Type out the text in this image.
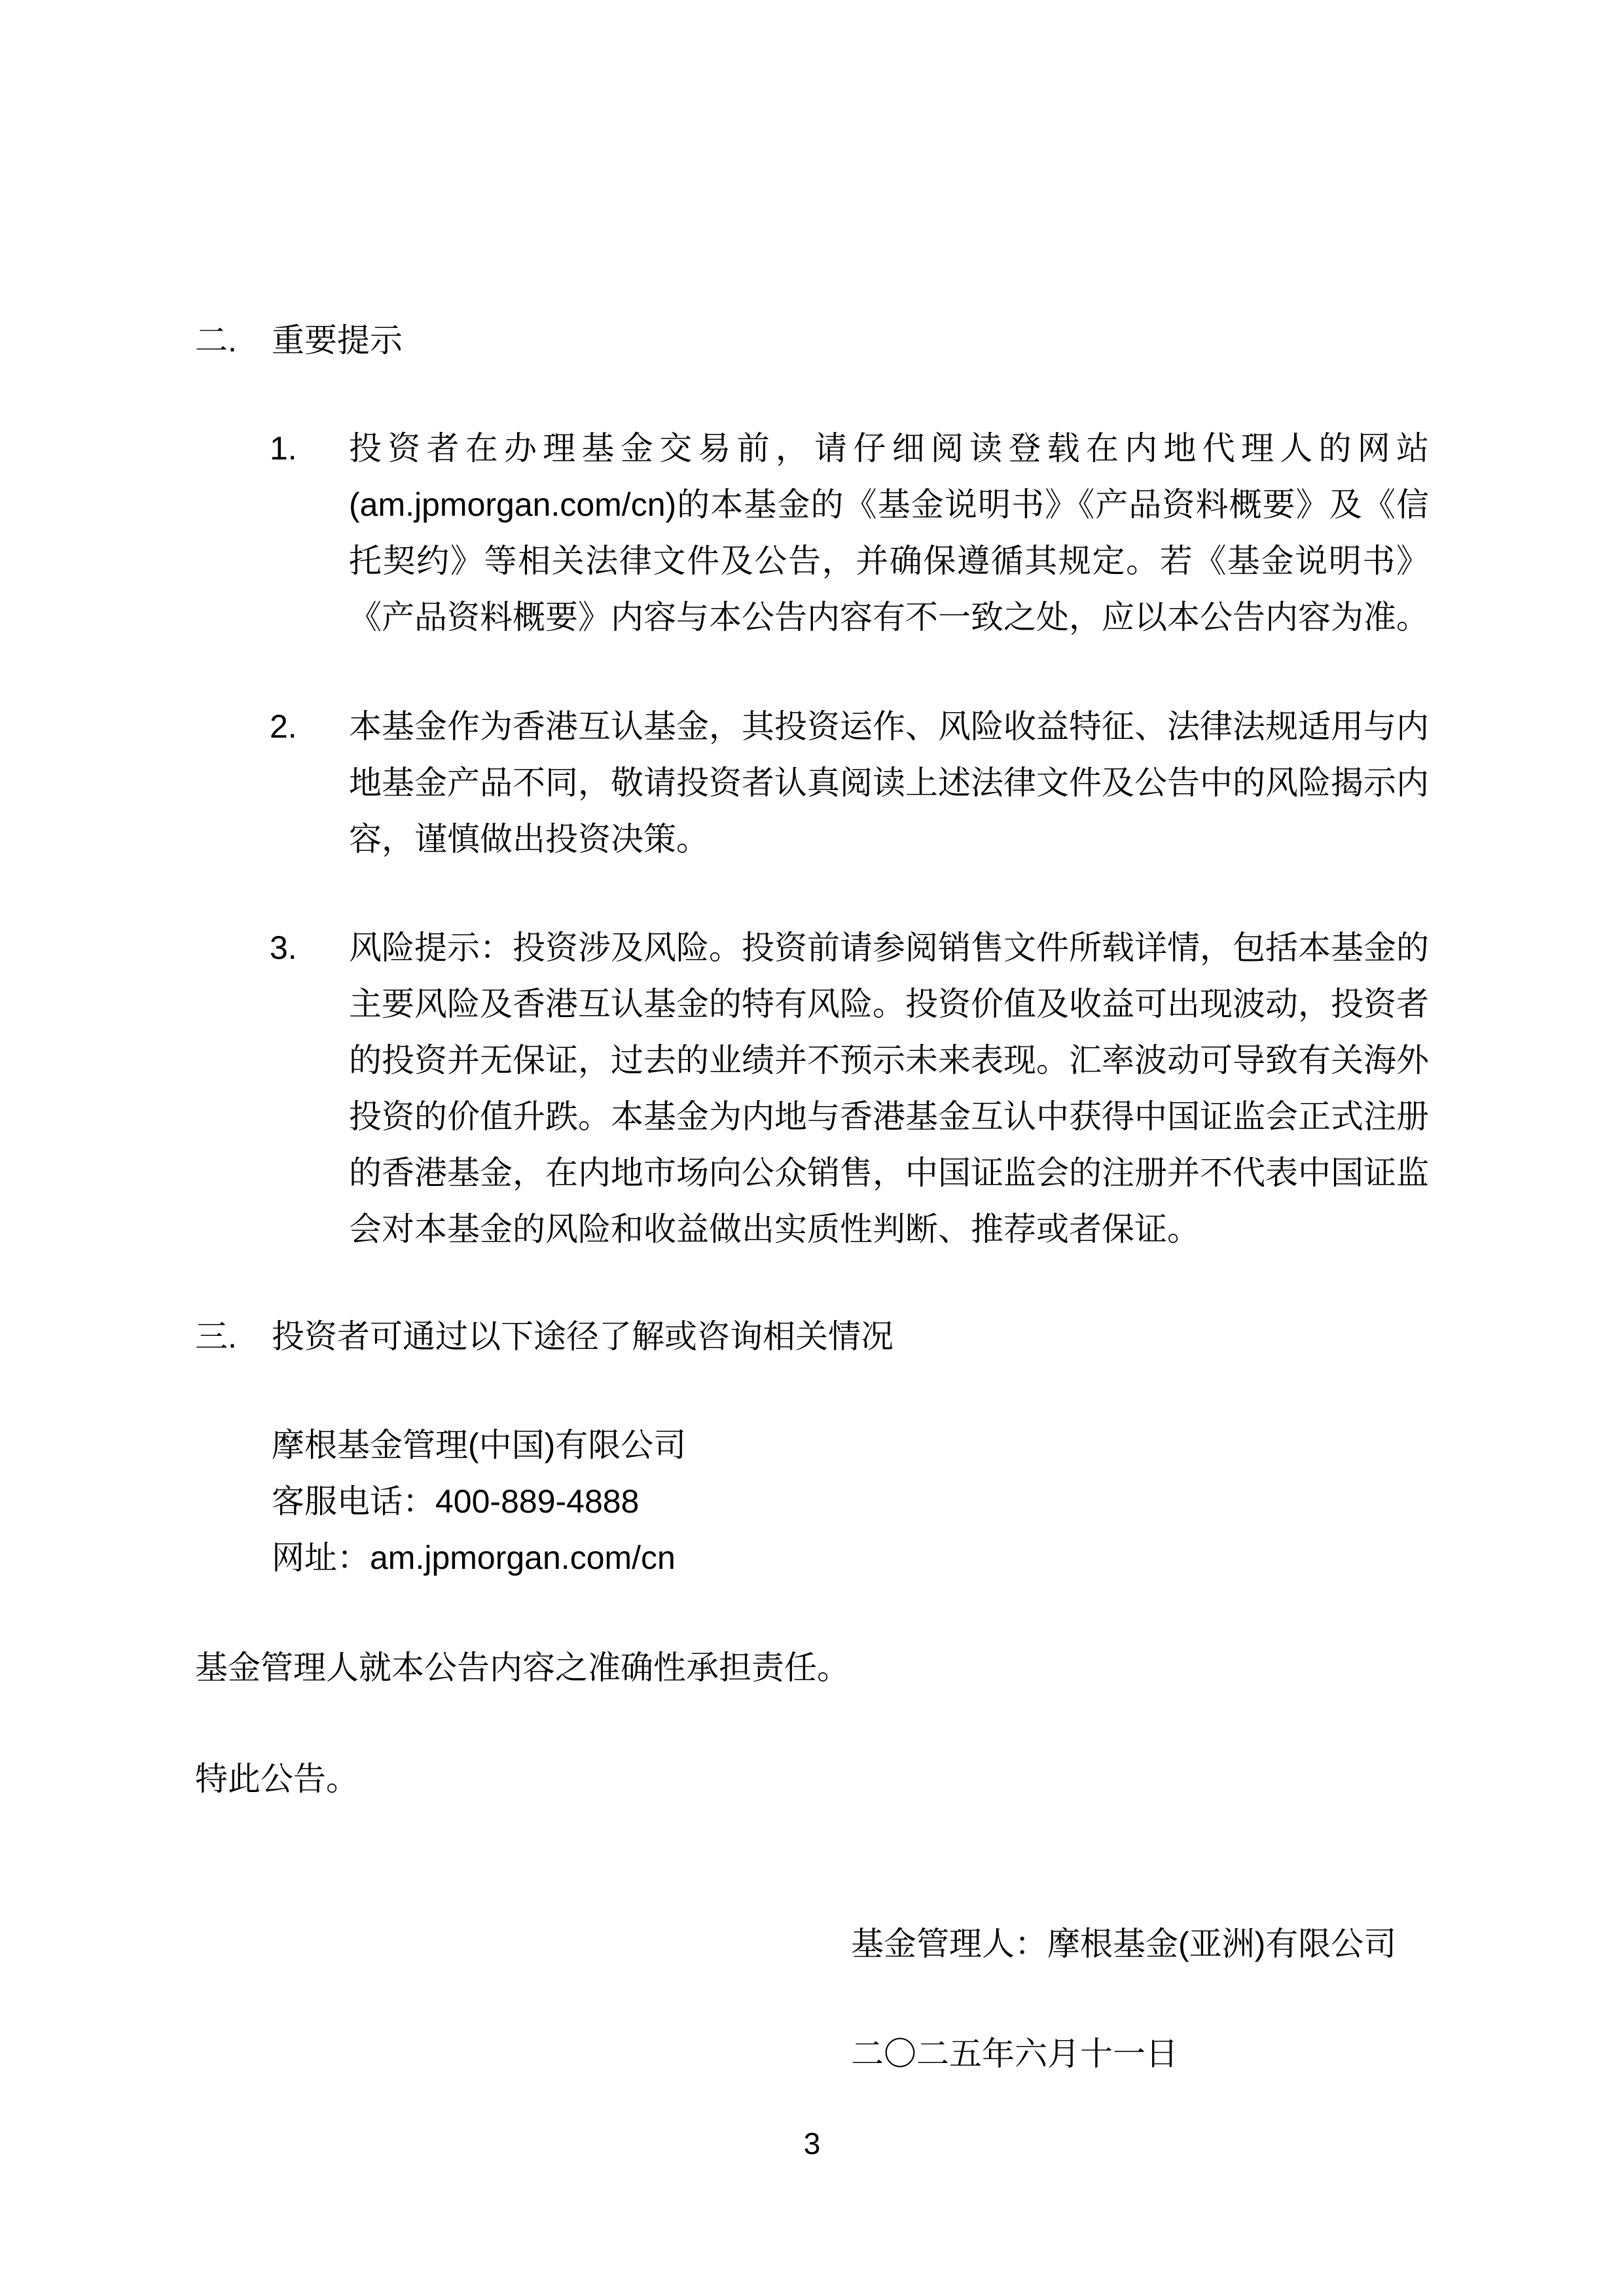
二.	重要提示
1.	投资者在办理基金交易前，请仔细阅读登载在内地代理人的网站(am.jpmorgan.com/cn)的本基金的《基金说明书》《产品资料概要》及《信托契约》等相关法律文件及公告，并确保遵循其规定。若《基金说明书》《产品资料概要》内容与本公告内容有不一致之处，应以本公告内容为准。
2.	本基金作为香港互认基金，其投资运作、风险收益特征、法律法规适用与内地基金产品不同，敬请投资者认真阅读上述法律文件及公告中的风险揭示内容，谨慎做出投资决策。
3.	风险提示：投资涉及风险。投资前请参阅销售文件所载详情，包括本基金的主要风险及香港互认基金的特有风险。投资价值及收益可出现波动，投资者的投资并无保证，过去的业绩并不预示未来表现。汇率波动可导致有关海外投资的价值升跌。本基金为内地与香港基金互认中获得中国证监会正式注册的香港基金，在内地市场向公众销售，中国证监会的注册并不代表中国证监会对本基金的风险和收益做出实质性判断、推荐或者保证。
三.	投资者可通过以下途径了解或咨询相关情况
摩根基金管理(中国)有限公司
客服电话：400-889-4888
网址：am.jpmorgan.com/cn
基金管理人就本公告内容之准确性承担责任。
特此公告。
基金管理人：摩根基金(亚洲)有限公司
二〇二五年六月十一日
3
